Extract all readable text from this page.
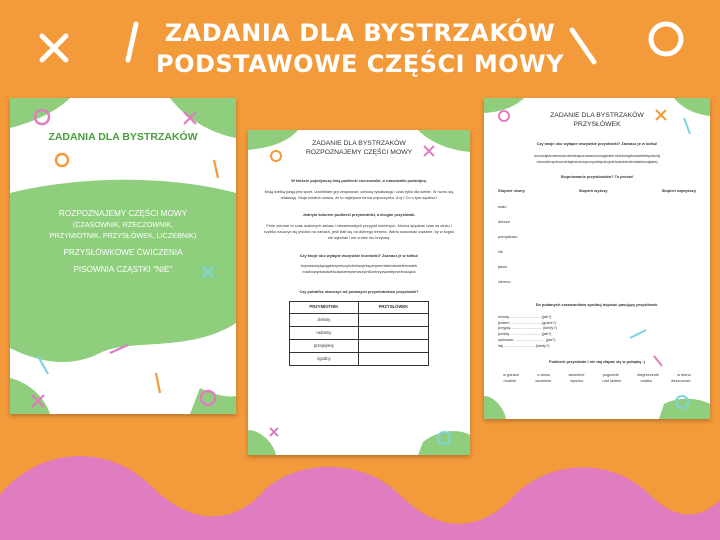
ZADANIA DLA BYSTRZAKÓW
PODSTAWOWE CZĘŚCI MOWY
ZADANIA DLA BYSTRZAKÓW

ROZPOZNAJEMY CZĘŚCI MOWY
(CZASOWNIK, RZECZOWNIK,
PRZYMIOTNIK, PRZYSŁÓWEK, LICZEBNIK)

PRZYSŁÓWKOWE ĆWICZENIA

PISOWNIA CZĄSTKI "NIE"

ZADANIE DLA BYSTRZAKÓW
ROZPOZNAJEMY CZĘŚCI MOWY

W tekście pojedynczą linią podkreśl rzeczowniki, a czasowniki podwójną.

Moją wielką pasją jest sport. Uwielbiam gry zespołowe, zdrową rywalizację i czas tylko dla siebie. W ruchu się relaksuję. Moja rodzina uważa, że to najlepsza forma odpoczynku. A ty? Co o tym sądzisz?

Jednym kolorem podkreśl przymiotniki, a drugim przysłówki.

Ferie zimowe to czas szalonych zabaw i niesamowitych przygód śnieżnych. Można spędzać czas na stoku i szybko nauczyć się jeździć na nartach, jeśli trafi się na dobrego trenera. Warto szusować uważnie, by w kogoś nie wjechać i nie zrobić mu krzywdy.

Czy twoje oko wyłapie wszystkie liczebniki? Zaznacz je w kółku!

trzynaściepiętagietrzymiczyhotelowyeksperymentsieniewielemostek

malinowydwadzieściaosiempierwszymiliontrzyzwarteprzeleosiąsić

Czy potrafisz utworzyć od podanych przymiotników przysłówki?

PRZYMIOTNIK	PRZYSŁÓWEK
zielony	
radosny	
przepiękny	
zgodny	
ZADANIE DLA BYSTRZAKÓW
PRZYSŁÓWEK

Czy twoje oko wyłapie wszystkie przysłówki? Zaznacz je w kółku!

wczorajtamtenmarchewkapomarańczowyjesternedzisiajdzisiaefektpatrzaj

okonobezpiecznietajemniczoporywistyukojnieluradośniestalekonajlatej

Stopniowanie przysłówków? To proste!

Stopień równy	Stopień wyższy	Stopień najwyższy
mało
dobrze
pomysłowo
źle
jasno
ciemno

Do podanych czasowników spróbuj dopisać pasujący przysłówek.

mówię ............................ (jak?)
jestem ............................ (gdzie?)
przyjdę ............................ (kiedy?)
jeżdżę ............................ (jak?)
śpiewam ............................ (jak?)
idę ............................ (kiedy?)

Podkreśl przysłówki i nie daj złapać się w pułapkę :)

w górach	o domu	wcześnie	pogodnie	niegrzecznie	w domu
modnie	wcześnie	wysoko	nad stołem	rzadko	deszczowo
